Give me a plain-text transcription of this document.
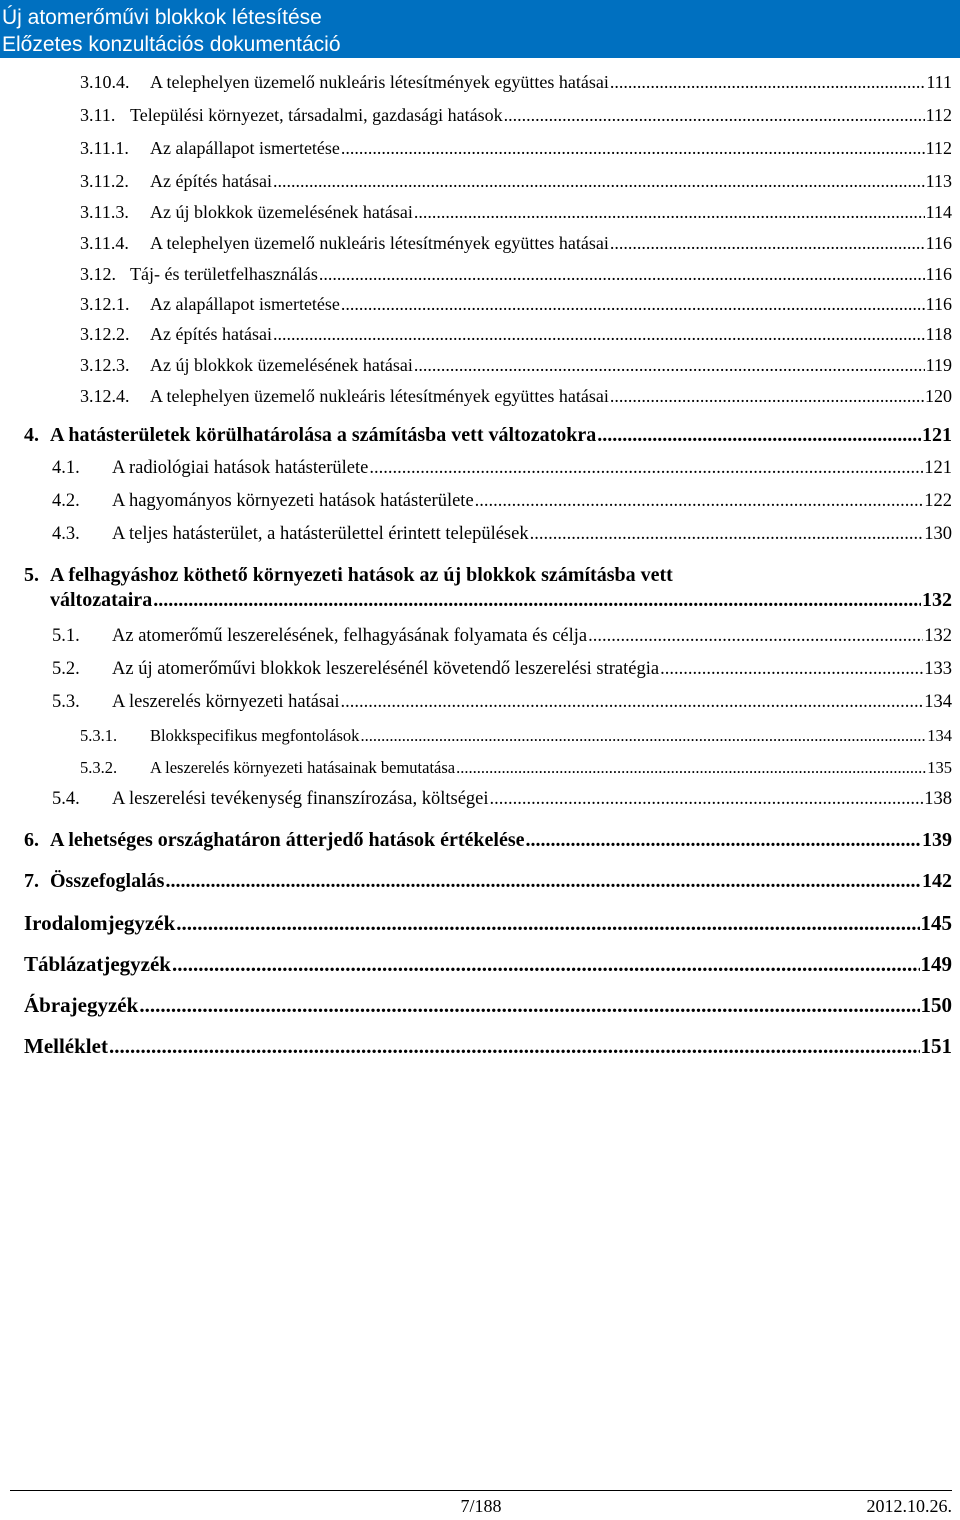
Új atomerőművi blokkok létesítése
Előzetes konzultációs dokumentáció
3.10.4.	A telephelyen üzemelő nukleáris létesítmények együttes hatásai .....	111
3.11. Települési környezet, társadalmi, gazdasági hatások .....	112
3.11.1.	Az alapállapot ismertetése .....	112
3.11.2.	Az építés hatásai .....	113
3.11.3.	Az új blokkok üzemelésének hatásai .....	114
3.11.4.	A telephelyen üzemelő nukleáris létesítmények együttes hatásai .....	116
3.12. Táj- és területfelhasználás .....	116
3.12.1.	Az alapállapot ismertetése .....	116
3.12.2.	Az építés hatásai .....	118
3.12.3.	Az új blokkok üzemelésének hatásai .....	119
3.12.4.	A telephelyen üzemelő nukleáris létesítmények együttes hatásai .....	120
4. A hatásterületek körülhatárolása a számításba vett változatokra .....	121
4.1.	A radiológiai hatások hatásterülete .....	121
4.2.	A hagyományos környezeti hatások hatásterülete .....	122
4.3.	A teljes hatásterület, a hatásterülettel érintett települések .....	130
5. A felhagyáshoz köthető környezeti hatások az új blokkok számításba vett
változataira .....	132
5.1.	Az atomerőmű leszerelésének, felhagyásának folyamata és célja .....	132
5.2.	Az új atomerőművi blokkok leszerelésénél követendő leszerelési stratégia .....	133
5.3.	A leszerelés környezeti hatásai .....	134
5.3.1.	Blokkspecifikus megfontolások .....	134
5.3.2.	A leszerelés környezeti hatásainak bemutatása .....	135
5.4.	A leszerelési tevékenység finanszírozása, költségei .....	138
6. A lehetséges országhatáron átterjedő hatások értékelése .....	139
7. Összefoglalás .....	142
Irodalomjegyzék .....	145
Táblázatjegyzék .....	149
Ábrajegyzék .....	150
Melléklet .....	151
7/188	2012.10.26.
